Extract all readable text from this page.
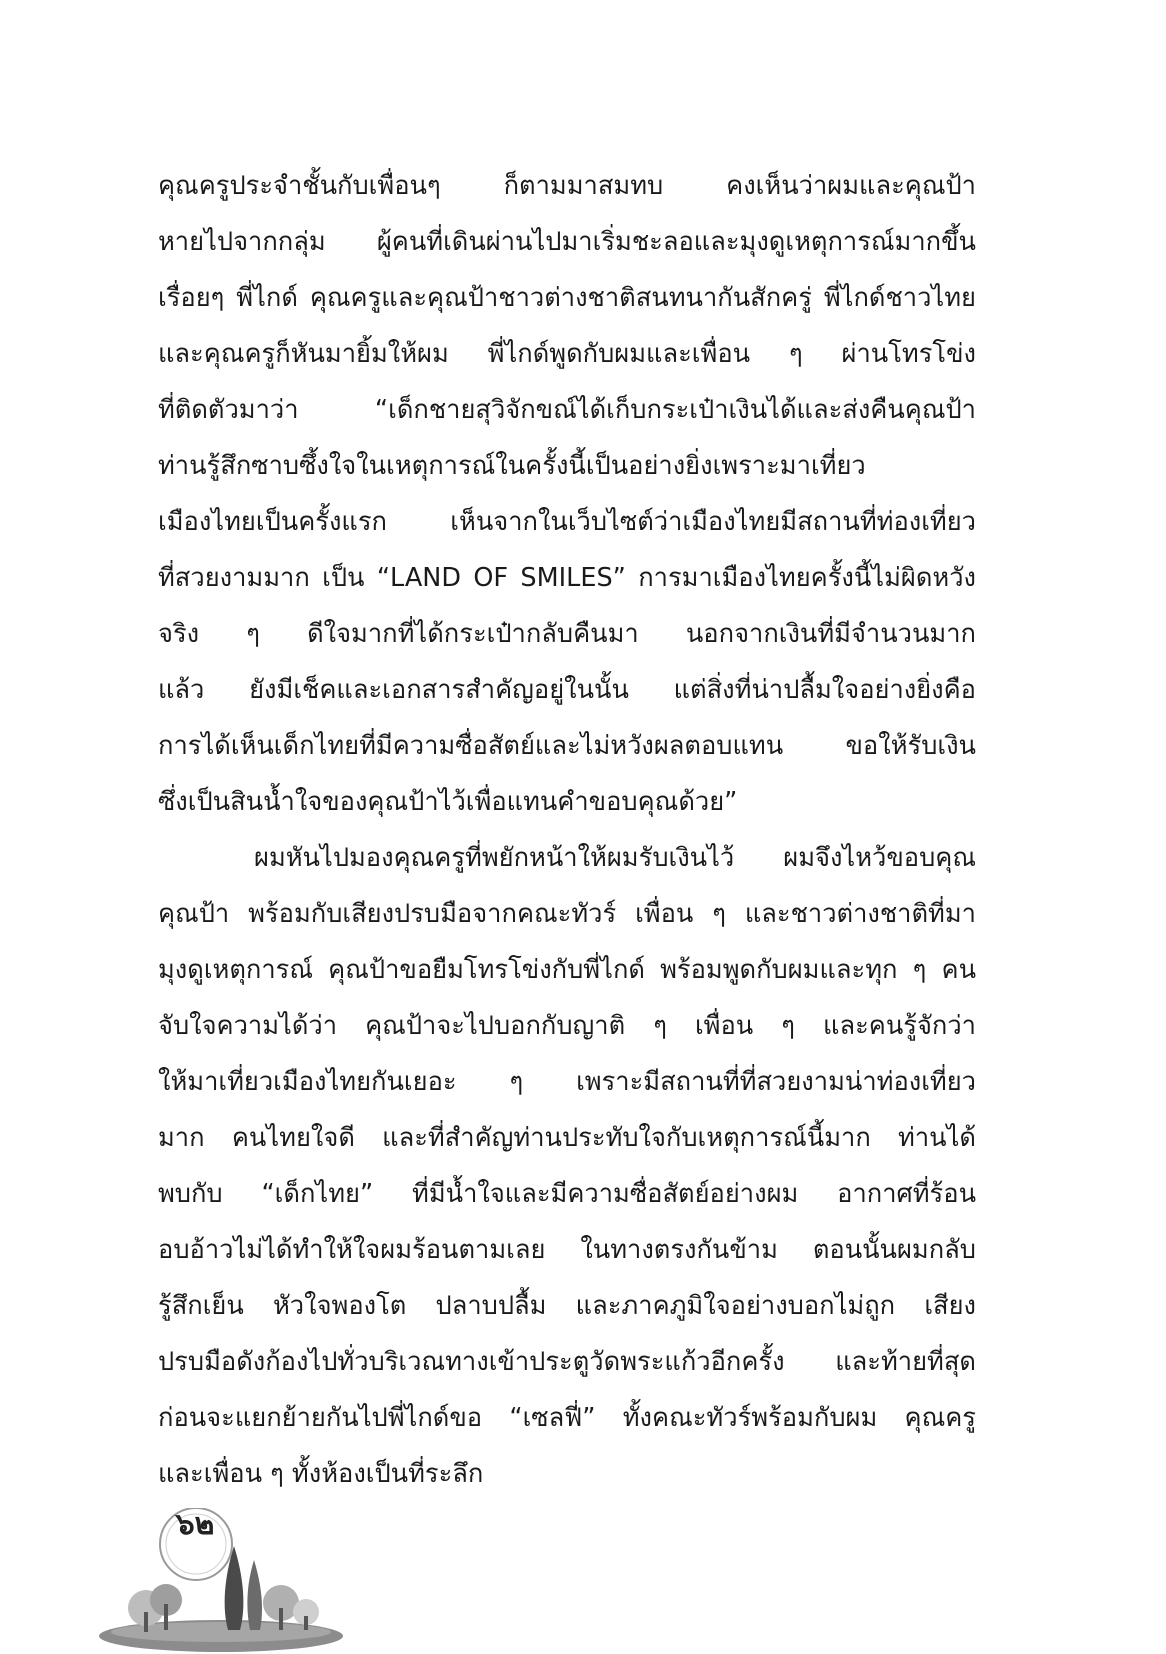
คุณครูประจำชั้นกับเพื่อนๆ ก็ตามมาสมทบ คงเห็นว่าผมและคุณป้า
หายไปจากกลุ่ม ผู้คนที่เดินผ่านไปมาเริ่มชะลอและมุงดูเหตุการณ์มากขึ้น
เรื่อยๆ พี่ไกด์ คุณครูและคุณป้าชาวต่างชาติสนทนากันสักครู่ พี่ไกด์ชาวไทย
และคุณครูก็หันมายิ้มให้ผม พี่ไกด์พูดกับผมและเพื่อน ๆ ผ่านโทรโข่ง
ที่ติดตัวมาว่า “เด็กชายสุวิจักขณ์ได้เก็บกระเป๋าเงินได้และส่งคืนคุณป้า
ท่านรู้สึกซาบซึ้งใจในเหตุการณ์ในครั้งนี้เป็นอย่างยิ่งเพราะมาเที่ยว
เมืองไทยเป็นครั้งแรก เห็นจากในเว็บไซต์ว่าเมืองไทยมีสถานที่ท่องเที่ยว
ที่สวยงามมาก เป็น “LAND OF SMILES” การมาเมืองไทยครั้งนี้ไม่ผิดหวัง
จริง ๆ ดีใจมากที่ได้กระเป๋ากลับคืนมา นอกจากเงินที่มีจำนวนมาก
แล้ว ยังมีเช็คและเอกสารสำคัญอยู่ในนั้น แต่สิ่งที่น่าปลื้มใจอย่างยิ่งคือ
การได้เห็นเด็กไทยที่มีความซื่อสัตย์และไม่หวังผลตอบแทน ขอให้รับเงิน
ซึ่งเป็นสินน้ำใจของคุณป้าไว้เพื่อแทนคำขอบคุณด้วย”
ผมหันไปมองคุณครูที่พยักหน้าให้ผมรับเงินไว้ ผมจึงไหว้ขอบคุณ
คุณป้า พร้อมกับเสียงปรบมือจากคณะทัวร์ เพื่อน ๆ และชาวต่างชาติที่มา
มุงดูเหตุการณ์ คุณป้าขอยืมโทรโข่งกับพี่ไกด์ พร้อมพูดกับผมและทุก ๆ คน
จับใจความได้ว่า คุณป้าจะไปบอกกับญาติ ๆ เพื่อน ๆ และคนรู้จักว่า
ให้มาเที่ยวเมืองไทยกันเยอะ ๆ เพราะมีสถานที่ที่สวยงามน่าท่องเที่ยว
มาก คนไทยใจดี และที่สำคัญท่านประทับใจกับเหตุการณ์นี้มาก ท่านได้
พบกับ “เด็กไทย” ที่มีน้ำใจและมีความซื่อสัตย์อย่างผม อากาศที่ร้อน
อบอ้าวไม่ได้ทำให้ใจผมร้อนตามเลย ในทางตรงกันข้าม ตอนนั้นผมกลับ
รู้สึกเย็น หัวใจพองโต ปลาบปลื้ม และภาคภูมิใจอย่างบอกไม่ถูก เสียง
ปรบมือดังก้องไปทั่วบริเวณทางเข้าประตูวัดพระแก้วอีกครั้ง และท้ายที่สุด
ก่อนจะแยกย้ายกันไปพี่ไกด์ขอ “เซลฟี่” ทั้งคณะทัวร์พร้อมกับผม คุณครู
และเพื่อน ๆ ทั้งห้องเป็นที่ระลึก
๖๒
